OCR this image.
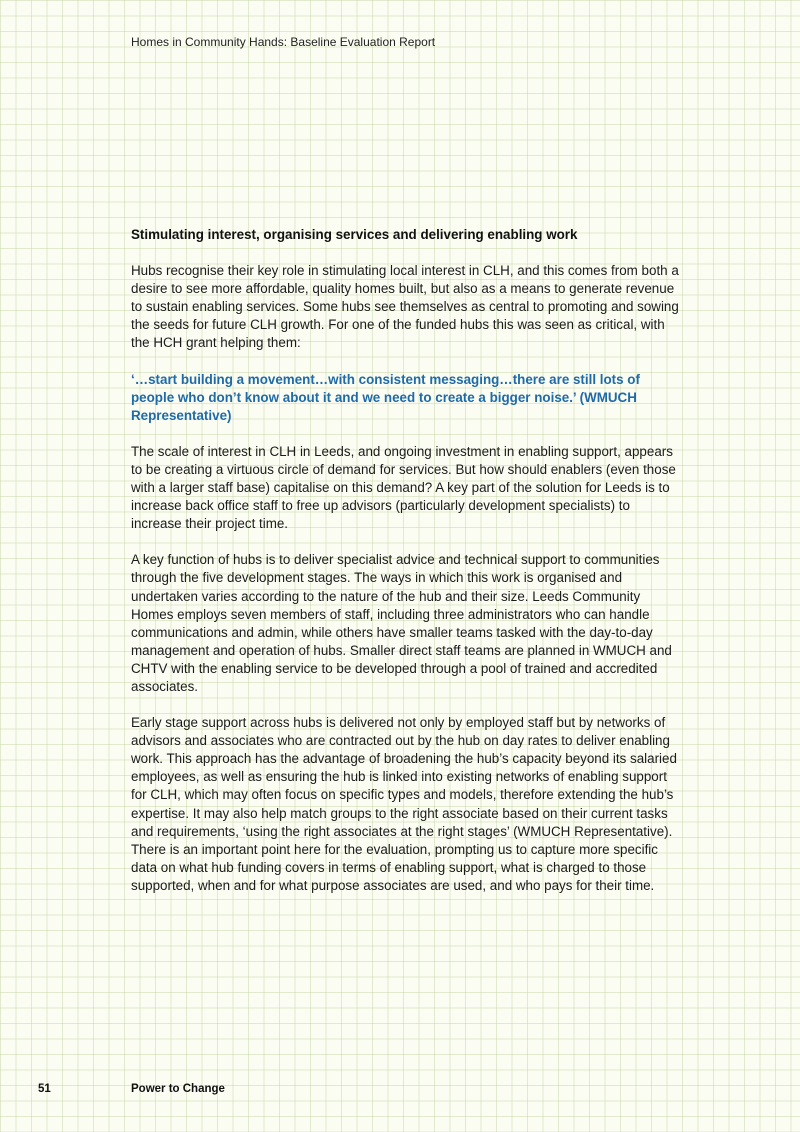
Homes in Community Hands: Baseline Evaluation Report
Stimulating interest, organising services and delivering enabling work

Hubs recognise their key role in stimulating local interest in CLH, and this comes from both a desire to see more affordable, quality homes built, but also as a means to generate revenue to sustain enabling services. Some hubs see themselves as central to promoting and sowing the seeds for future CLH growth. For one of the funded hubs this was seen as critical, with the HCH grant helping them:

‘…start building a movement…with consistent messaging…there are still lots of people who don’t know about it and we need to create a bigger noise.’ (WMUCH Representative)

The scale of interest in CLH in Leeds, and ongoing investment in enabling support, appears to be creating a virtuous circle of demand for services. But how should enablers (even those with a larger staff base) capitalise on this demand? A key part of the solution for Leeds is to increase back office staff to free up advisors (particularly development specialists) to increase their project time.

A key function of hubs is to deliver specialist advice and technical support to communities through the five development stages. The ways in which this work is organised and undertaken varies according to the nature of the hub and their size. Leeds Community Homes employs seven members of staff, including three administrators who can handle communications and admin, while others have smaller teams tasked with the day-to-day management and operation of hubs. Smaller direct staff teams are planned in WMUCH and CHTV with the enabling service to be developed through a pool of trained and accredited associates.

Early stage support across hubs is delivered not only by employed staff but by networks of advisors and associates who are contracted out by the hub on day rates to deliver enabling work. This approach has the advantage of broadening the hub’s capacity beyond its salaried employees, as well as ensuring the hub is linked into existing networks of enabling support for CLH, which may often focus on specific types and models, therefore extending the hub’s expertise. It may also help match groups to the right associate based on their current tasks and requirements, ‘using the right associates at the right stages’ (WMUCH Representative). There is an important point here for the evaluation, prompting us to capture more specific data on what hub funding covers in terms of enabling support, what is charged to those supported, when and for what purpose associates are used, and who pays for their time.

51	Power to Change
